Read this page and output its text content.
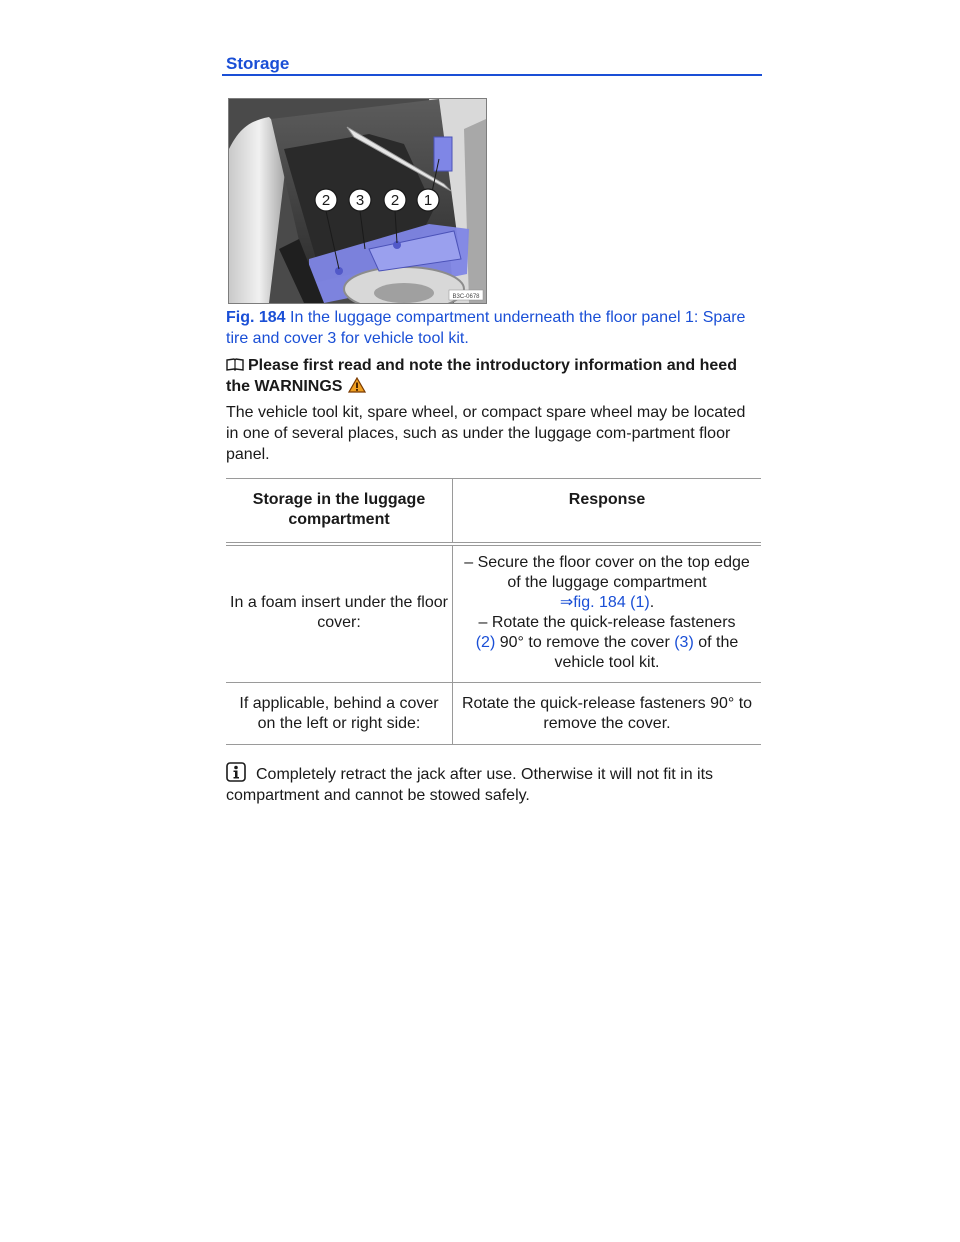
Storage
2 3 2 1
B3C-0678
Fig. 184 In the luggage compartment underneath the floor panel 1: Spare tire and cover 3 for vehicle tool kit.
Please first read and note the introductory information and heed the WARNINGS
The vehicle tool kit, spare wheel, or compact spare wheel may be located in one of several places, such as under the luggage com-partment floor panel.
Storage in the luggage compartment	Response
In a foam insert under the floor cover:	– Secure the floor cover on the top edge of the luggage compartment
⇒fig. 184 (1).
– Rotate the quick-release fasteners
(2) 90° to remove the cover (3) of the vehicle tool kit.
If applicable, behind a cover on the left or right side:	Rotate the quick-release fasteners 90° to remove the cover.
Completely retract the jack after use. Otherwise it will not fit in its compartment and cannot be stowed safely.
